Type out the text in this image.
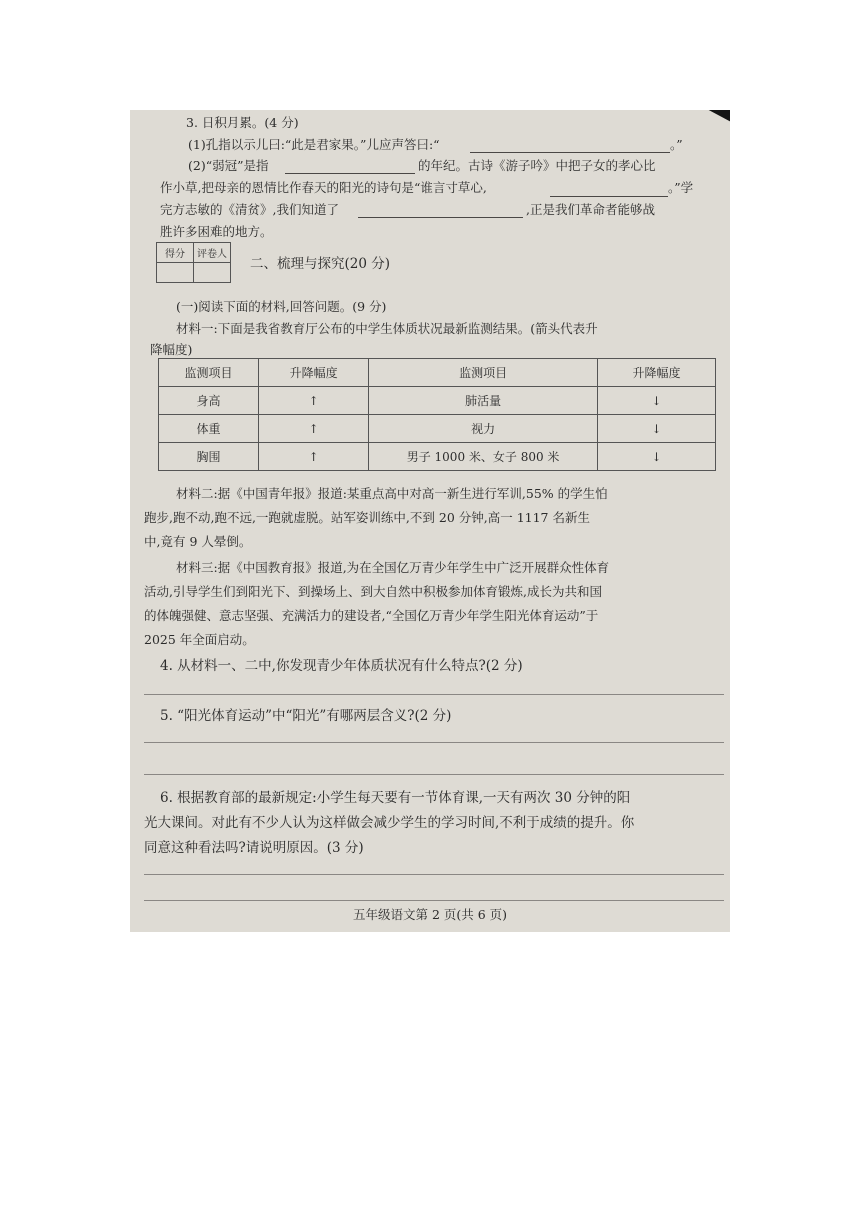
3. 日积月累。(4 分)
(1)孔指以示儿曰:“此是君家果。”儿应声答曰:“	。”
(2)“弱冠”是指	的年纪。古诗《游子吟》中把子女的孝心比
作小草,把母亲的恩情比作春天的阳光的诗句是“谁言寸草心,	。”学
完方志敏的《清贫》,我们知道了	,正是我们革命者能够战
胜许多困难的地方。
得分	评卷人

二、梳理与探究(20 分)
(一)阅读下面的材料,回答问题。(9 分)
材料一:下面是我省教育厅公布的中学生体质状况最新监测结果。(箭头代表升
降幅度)
监测项目	升降幅度	监测项目	升降幅度
身高	↑	肺活量	↓
体重	↑	视力	↓
胸围	↑	男子 1000 米、女子 800 米	↓
材料二:据《中国青年报》报道:某重点高中对高一新生进行军训,55% 的学生怕
跑步,跑不动,跑不远,一跑就虚脱。站军姿训练中,不到 20 分钟,高一 1117 名新生
中,竟有 9 人晕倒。
材料三:据《中国教育报》报道,为在全国亿万青少年学生中广泛开展群众性体育
活动,引导学生们到阳光下、到操场上、到大自然中积极参加体育锻炼,成长为共和国
的体魄强健、意志坚强、充满活力的建设者,“全国亿万青少年学生阳光体育运动”于
2025 年全面启动。
4. 从材料一、二中,你发现青少年体质状况有什么特点?(2 分)
5. “阳光体育运动”中“阳光”有哪两层含义?(2 分)
6. 根据教育部的最新规定:小学生每天要有一节体育课,一天有两次 30 分钟的阳
光大课间。对此有不少人认为这样做会减少学生的学习时间,不利于成绩的提升。你
同意这种看法吗?请说明原因。(3 分)
五年级语文第 2 页(共 6 页)
